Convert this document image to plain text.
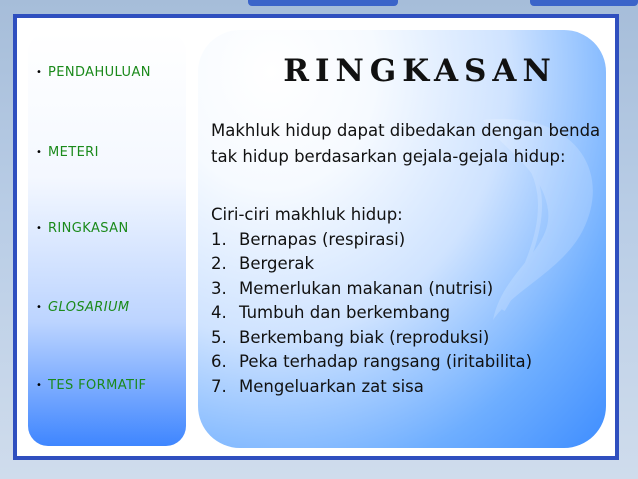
• PENDAHULUAN
• METERI
• RINGKASAN
• GLOSARIUM
• TES FORMATIF
RINGKASAN
Makhluk hidup dapat dibedakan dengan benda tak hidup berdasarkan gejala-gejala hidup:
Ciri-ciri makhluk hidup:
1. Bernapas (respirasi)
2. Bergerak
3. Memerlukan makanan (nutrisi)
4. Tumbuh dan berkembang
5. Berkembang biak (reproduksi)
6. Peka terhadap rangsang (iritabilita)
7. Mengeluarkan zat sisa
